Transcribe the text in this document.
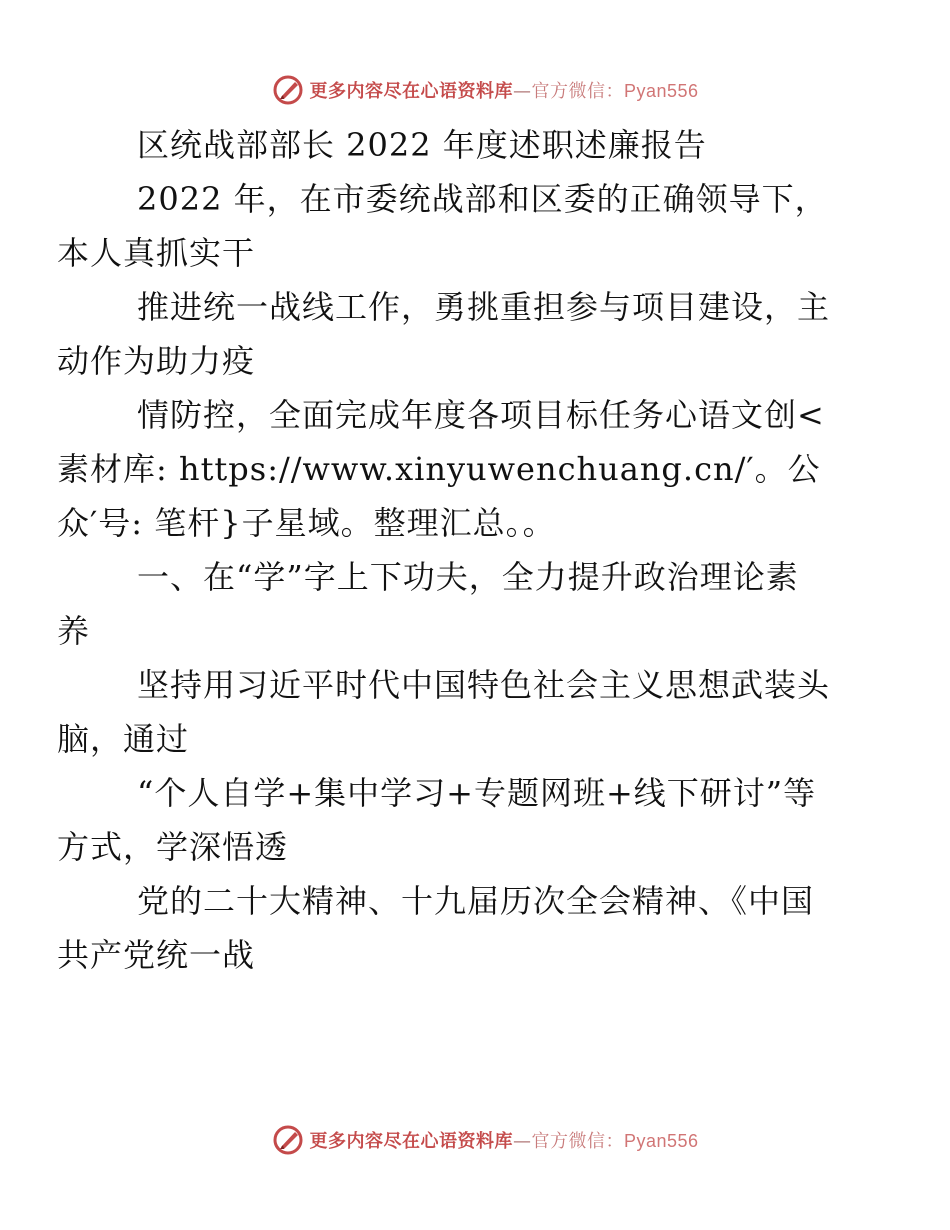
更多内容尽在心语资料库—官方微信：Pyan556

区统战部部长 2022 年度述职述廉报告

2022 年，在市委统战部和区委的正确领导下，
本人真抓实干

推进统一战线工作，勇挑重担参与项目建设，主
动作为助力疫

情防控，全面完成年度各项目标任务心语文创<
素材库: https://www.xinyuwenchuang.cn/′。公
众′号: 笔杆}子星域。整理汇总。。

一、在“学”字上下功夫，全力提升政治理论素
养

坚持用习近平时代中国特色社会主义思想武装头
脑，通过

“个人自学+集中学习+专题网班+线下研讨”等
方式，学深悟透

党的二十大精神、十九届历次全会精神、《中国
共产党统一战

更多内容尽在心语资料库—官方微信：Pyan556
